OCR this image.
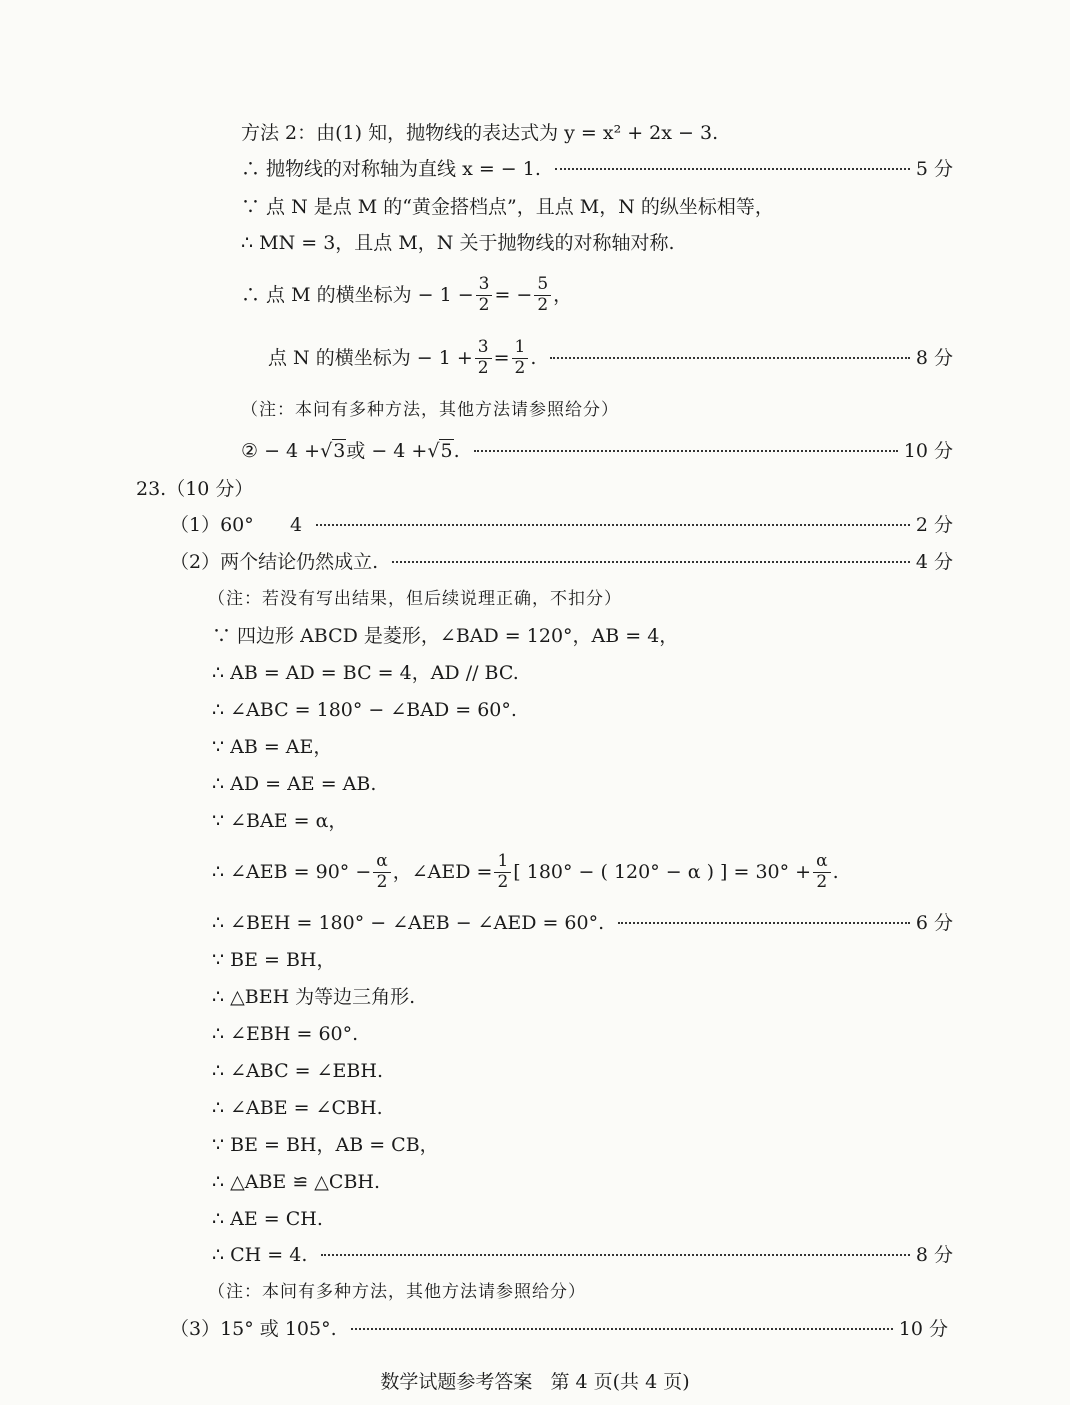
方法 2：由(1) 知，抛物线的表达式为 y = x² + 2x − 3.
∴ 抛物线的对称轴为直线 x = − 1.	5 分
∵ 点 N 是点 M 的“黄金搭档点”，且点 M，N 的纵坐标相等，
∴ MN = 3，且点 M，N 关于抛物线的对称轴对称.
∴ 点 M 的横坐标为 − $1 - \frac{3}{2}$ = − $\frac{5}{2}$ ，
点 N 的横坐标为 − $1 + \frac{3}{2} = \frac{1}{2}$ .	8 分
（注：本问有多种方法，其他方法请参照给分）
② − 4 + √3 或 − 4 + √5 .	10 分
23.（10 分）
（1）60°      4	2 分
（2）两个结论仍然成立.	4 分
（注：若没有写出结果，但后续说理正确，不扣分）
∵ 四边形 ABCD 是菱形，∠BAD = 120°，AB = 4，
∴ AB = AD = BC = 4，AD // BC.
∴ ∠ABC = 180° − ∠BAD = 60°.
∵ AB = AE，
∴ AD = AE = AB.
∵ ∠BAE = α，
∴ ∠AEB = $90^\circ - \frac{\alpha}{2}$ ，∠AED = $\frac{1}{2}$ [ 180° − ( 120° − α ) ] = $30^\circ + \frac{\alpha}{2}$ .
∴ ∠BEH = 180° − ∠AEB − ∠AED = 60°.	6 分
∵ BE = BH，
∴ △BEH 为等边三角形.
∴ ∠EBH = 60°.
∴ ∠ABC = ∠EBH.
∴ ∠ABE = ∠CBH.
∵ BE = BH，AB = CB，
∴ △ABE ≌ △CBH.
∴ AE = CH.
∴ CH = 4.	8 分
（注：本问有多种方法，其他方法请参照给分）
（3）15° 或 105°.	10 分
数学试题参考答案   第 4 页(共 4 页)
